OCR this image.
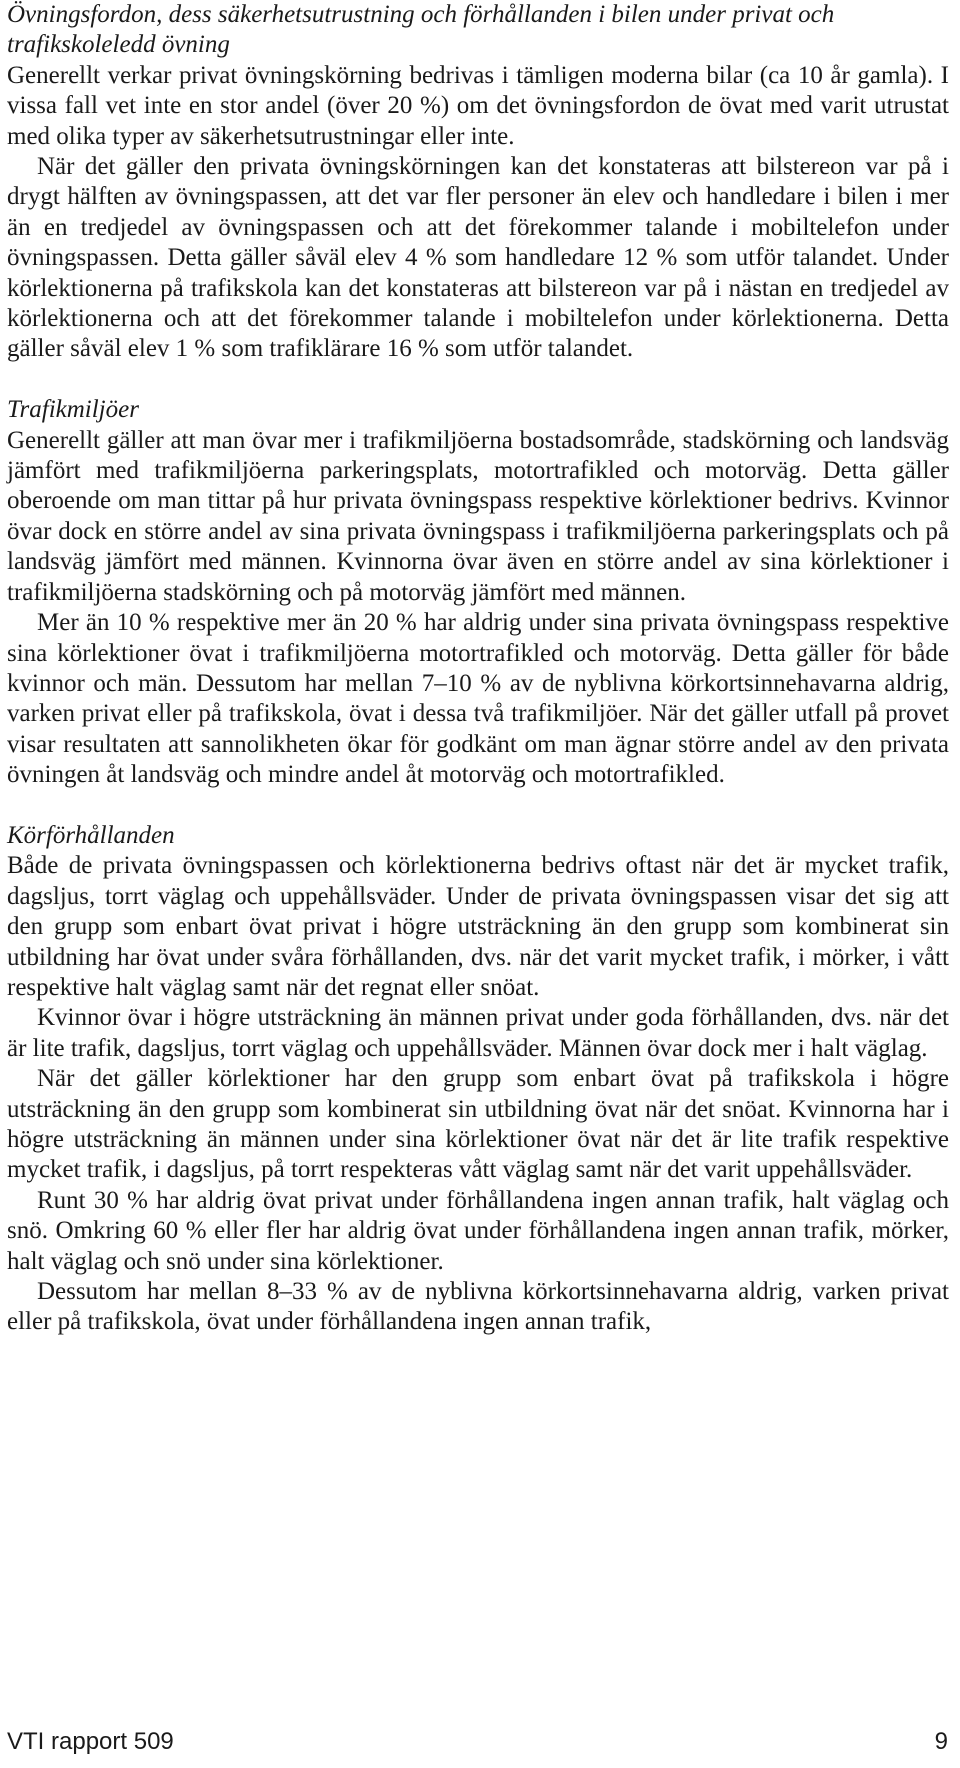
Övningsfordon, dess säkerhetsutrustning och förhållanden i bilen under privat och trafikskoleledd övning
Generellt verkar privat övningskörning bedrivas i tämligen moderna bilar (ca 10 år gamla). I vissa fall vet inte en stor andel (över 20 %) om det övningsfordon de övat med varit utrustat med olika typer av säkerhetsutrustningar eller inte.
När det gäller den privata övningskörningen kan det konstateras att bilstereon var på i drygt hälften av övningspassen, att det var fler personer än elev och handledare i bilen i mer än en tredjedel av övningspassen och att det förekommer talande i mobiltelefon under övningspassen. Detta gäller såväl elev 4 % som handledare 12 % som utför talandet. Under körlektionerna på trafikskola kan det konstateras att bilstereon var på i nästan en tredjedel av körlektionerna och att det förekommer talande i mobiltelefon under körlektionerna. Detta gäller såväl elev 1 % som trafiklärare 16 % som utför talandet.
Trafikmiljöer
Generellt gäller att man övar mer i trafikmiljöerna bostadsområde, stadskörning och landsväg jämfört med trafikmiljöerna parkeringsplats, motortrafikled och motorväg. Detta gäller oberoende om man tittar på hur privata övningspass respektive körlektioner bedrivs. Kvinnor övar dock en större andel av sina privata övningspass i trafikmiljöerna parkeringsplats och på landsväg jämfört med männen. Kvinnorna övar även en större andel av sina körlektioner i trafikmiljöerna stadskörning och på motorväg jämfört med männen.
Mer än 10 % respektive mer än 20 % har aldrig under sina privata övningspass respektive sina körlektioner övat i trafikmiljöerna motortrafikled och motorväg. Detta gäller för både kvinnor och män. Dessutom har mellan 7–10 % av de nyblivna körkortsinnehavarna aldrig, varken privat eller på trafikskola, övat i dessa två trafikmiljöer. När det gäller utfall på provet visar resultaten att sannolikheten ökar för godkänt om man ägnar större andel av den privata övningen åt landsväg och mindre andel åt motorväg och motortrafikled.
Körförhållanden
Både de privata övningspassen och körlektionerna bedrivs oftast när det är mycket trafik, dagsljus, torrt väglag och uppehållsväder. Under de privata övningspassen visar det sig att den grupp som enbart övat privat i högre utsträckning än den grupp som kombinerat sin utbildning har övat under svåra förhållanden, dvs. när det varit mycket trafik, i mörker, i vått respektive halt väglag samt när det regnat eller snöat.
Kvinnor övar i högre utsträckning än männen privat under goda förhållanden, dvs. när det är lite trafik, dagsljus, torrt väglag och uppehållsväder. Männen övar dock mer i halt väglag.
När det gäller körlektioner har den grupp som enbart övat på trafikskola i högre utsträckning än den grupp som kombinerat sin utbildning övat när det snöat. Kvinnorna har i högre utsträckning än männen under sina körlektioner övat när det är lite trafik respektive mycket trafik, i dagsljus, på torrt respekteras vått väglag samt när det varit uppehållsväder.
Runt 30 % har aldrig övat privat under förhållandena ingen annan trafik, halt väglag och snö. Omkring 60 % eller fler har aldrig övat under förhållandena ingen annan trafik, mörker, halt väglag och snö under sina körlektioner.
Dessutom har mellan 8–33 % av de nyblivna körkortsinnehavarna aldrig, varken privat eller på trafikskola, övat under förhållandena ingen annan trafik,
VTI rapport 509	9
